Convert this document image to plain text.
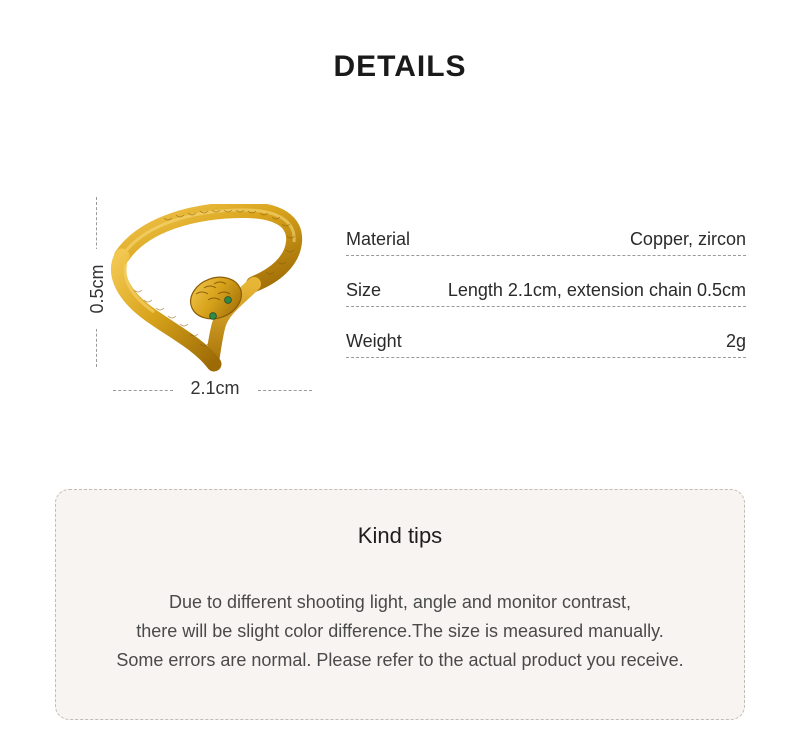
DETAILS
0.5cm
2.1cm
Material	Copper, zircon
Size	Length 2.1cm, extension chain 0.5cm
Weight	2g
Kind tips
Due to different shooting light, angle and monitor contrast,
there will be slight color difference.The size is measured manually.
Some errors are normal. Please refer to the actual product you receive.
